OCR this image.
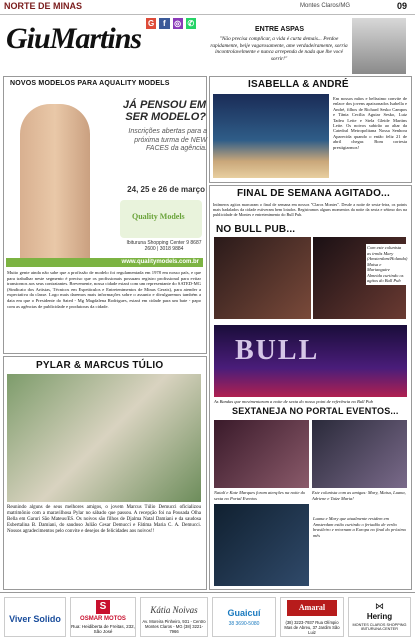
NORTE DE MINAS	Montes Claros/MG	09
GiuMartins G	f	◎ ✆
ENTRE ASPAS
"Não precisa complicar, a vida é curta demais... Perdoe rapidamente, beije vagarosamente, ame verdadeiramente, sorria incontrolavelmente e nunca arrependa de nada que lhe vocé sorrir!"
NOVOS MODELOS PARA AQUALITY MODELS
JÁ PENSOU EM SER MODELO?
Inscrições abertas para a próxima turma de NEW FACES da agência.
24, 25 e 26 de março
Quality Models
Ibituruna Shopping Center 9 8687 2600 | 3018 9884
www.qualitymodels.com.br
Muito gente ainda não sabe que a profissão de modelo foi regulamentada em 1978 em nosso país, e que para trabalhar neste segmento é preciso que os profissionais possuam registro profissional para evitar transtornos aos seus contratantes. Brevemente, nossa cidade estará com um representante do SATED-MG (Sindicato dos Artistas, Técnicos em Espetáculos e Entretenimentos de Minas Gerais), para atender a expectativa da classe. Logo mais daremos mais informações sobre o assunto e divulgaremos também a data em que o Presidente do Sated - Mg Magdalena Rodrigues, estará em cidade para um bate - papo com as agências de publicidade e produtoras da cidade.
ISABELLA & ANDRÉ
Em nossos mãos e belíssimo convite de enlace dos jovens apaixonados Isabella e André, filhos de Richard Sesko Campos e Tânia Cecília Aguiar Sesko, Luiz Tadeu Leite e Stela Gleide Martins Leite. Os noivos subirão ao altar da Catedral Metropolitana Nossa Senhora Aparecida quando o então feliz 21 de abril chegar. Bom cortesia prestigiarmos!
FINAL DE SEMANA AGITADO...
Intímeros agitos marcaram o final de semana em nossos "Claros Montes". Desde a noite de sexta-feira, os points mais badalados da cidade estiveram bem lotados. Registramos alguns momentos da noite da sexta e sétimo dos na publicidade de Montes e entretenimento do Bull Pub.
NO BULL PUB...
BULL
As Bandas que movimentaram a noite de sexta do nosso point de referência no Bull Pub
SEXTANEJA NO PORTAL EVENTOS...
Natalí e Kate Marques foram atenções na noite do sexta no Portal Eventos
Este colunista com as amigas: Mary, Maisa, Luana, Adriene e Taíze Maria!
Luana e Mary que atualmente residem em Amsterdam estão curtindo o feriadão de verão brasileiro e retornam a Europa no final do próximo mês
PYLAR & MARCUS TÚLIO
Reunindo alguns de seus melhores amigos, o jovem Marcus Túlio Demucci oficializou matrimônio com a maravilhosa Pylar no sábado que passou. A recepção foi na Pousada Olha Bella em Garuri São Mateus/ES. Os noivos são filhos de Djalma Natal Damiani e da saudosa Esbertalina B. Damiani, do saudoso Julião Cesar Demucci e Fátima Maria C. A. Demucci. Nossos agradecimentos pelo convite e desejos de felicidades aos noivos!!
Viver Solido
S
OSMAR MOTOS
Rua: Heidiberta de Freitas, 232, São José
Kátia Noivas
Av. Moreira Pinheiro, 931 - Centro Montes Claros - MG (38) 3221-7966
Guaicuí
38 3690-5080
Amaral
(38) 3223-7937 Rua Olímpio Mas de Abreu, 37 Jardim São Luiz
⋈
Hering
MONTES CLAROS SHOPPING IBITURUNA CENTER
Com este colunista as irmãs Mary (Amsterdam/Holanda) Maisa e Marianguire Almeida curtindo os agitos do Bull Pub
